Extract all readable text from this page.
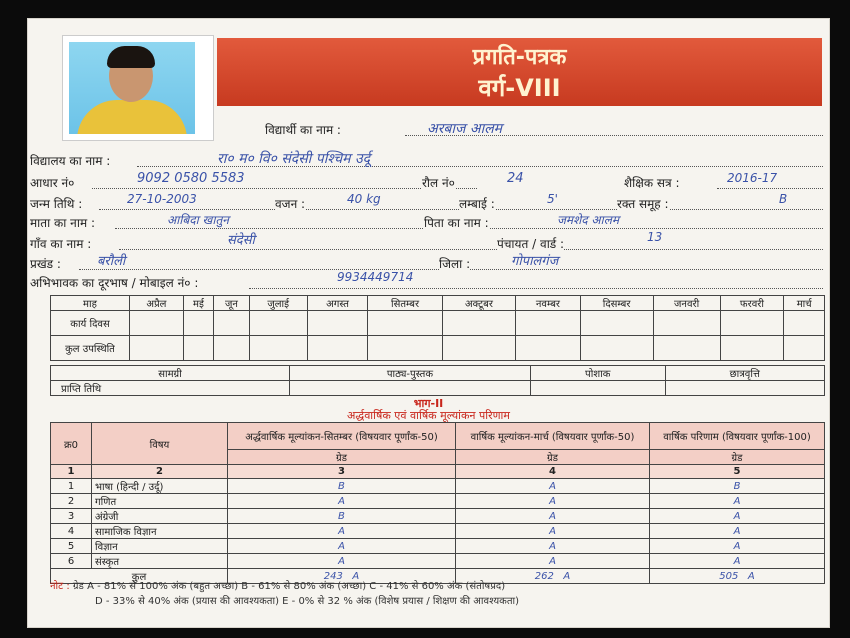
प्रगति-पत्रक
वर्ग-VIII
विद्यार्थी का नाम :	अरबाज आलम
विद्यालय का नाम :	रा० म० वि० संदेसी पश्चिम उर्दू
आधार नं०	9092 0580 5583	रौल नं०	24	शैक्षिक सत्र :	2016-17
जन्म तिथि :	27-10-2003	वजन :	40 kg	लम्बाई :	5'	रक्त समूह :	B
माता का नाम :	आबिदा खातुन	पिता का नाम :	जमशेद आलम
गाँव का नाम :	संदेसी	पंचायत / वार्ड :	13
प्रखंड :	बरौली	जिला :	गोपालगंज
अभिभावक का दूरभाष / मोबाइल नं० :	9934449714
माह	अप्रैल	मई	जून	जुलाई	अगस्त	सितम्बर	अक्टूबर	नवम्बर	दिसम्बर	जनवरी	फरवरी	मार्च
कार्य दिवस												
कुल उपस्थिति												
सामग्री	पाठ्य-पुस्तक	पोशाक	छात्रवृत्ति
प्राप्ति तिथि			
भाग-II
अर्द्धवार्षिक एवं वार्षिक मूल्यांकन परिणाम
क्र0	विषय	अर्द्धवार्षिक मूल्यांकन-सितम्बर (विषयवार पूर्णांक-50)	वार्षिक मूल्यांकन-मार्च (विषयवार पूर्णांक-50)	वार्षिक परिणाम (विषयवार पूर्णांक-100)
		ग्रेड	ग्रेड	ग्रेड
1	2	3	4	5
1	भाषा (हिन्दी / उर्दू)	B	A	B
2	गणित	A	A	A
3	अंग्रेजी	B	A	A
4	सामाजिक विज्ञान	A	A	A
5	विज्ञान	A	A	A
6	संस्कृत	A	A	A
कुल		243 A	262 A	505 A
नोट : ग्रेड A - 81% से 100% अंक (बहुत अच्छा) B - 61% से 80% अंक (अच्छा) C - 41% से 60% अंक (संतोषप्रद)
D - 33% से 40% अंक (प्रयास की आवश्यकता) E - 0% से 32 % अंक (विशेष प्रयास / शिक्षण की आवश्यकता)
